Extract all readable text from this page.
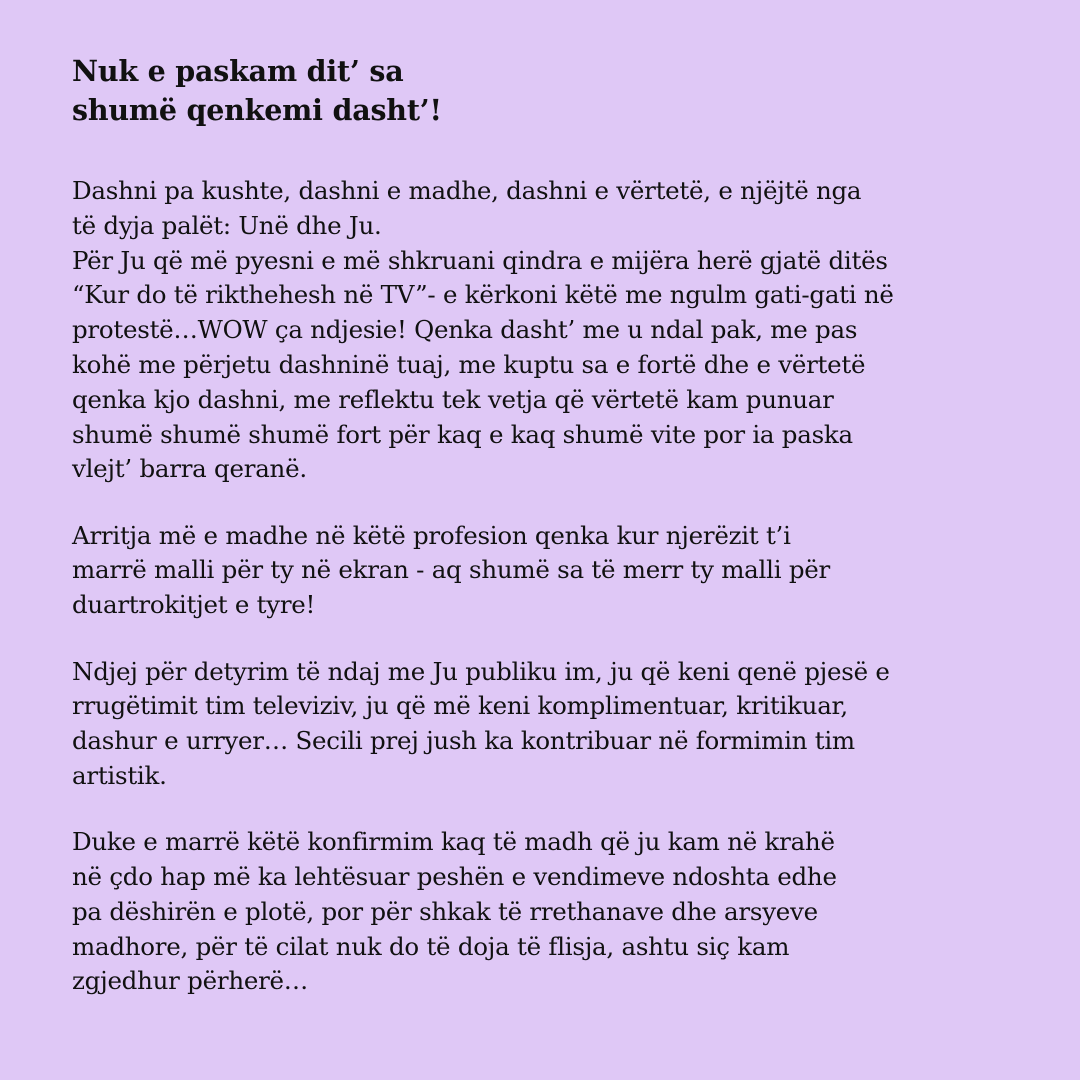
Nuk e paskam dit’ sa
shumë qenkemi dasht’!

Dashni pa kushte, dashni e madhe, dashni e vërtetë, e njëjtë nga
të dyja palët: Unë dhe Ju.
Për Ju që më pyesni e më shkruani qindra e mijëra herë gjatë ditës
“Kur do të rikthehesh në TV”- e kërkoni këtë me ngulm gati-gati në
protestë…WOW ça ndjesie! Qenka dasht’ me u ndal pak, me pas
kohë me përjetu dashninë tuaj, me kuptu sa e fortë dhe e vërtetë
qenka kjo dashni, me reflektu tek vetja që vërtetë kam punuar
shumë shumë shumë fort për kaq e kaq shumë vite por ia paska
vlejt’ barra qeranë.

Arritja më e madhe në këtë profesion qenka kur njerëzit t’i
marrë malli për ty në ekran - aq shumë sa të merr ty malli për
duartrokitjet e tyre!

Ndjej për detyrim të ndaj me Ju publiku im, ju që keni qenë pjesë e
rrugëtimit tim televiziv, ju që më keni komplimentuar, kritikuar,
dashur e urryer… Secili prej jush ka kontribuar në formimin tim
artistik.

Duke e marrë këtë konfirmim kaq të madh që ju kam në krahë
në çdo hap më ka lehtësuar peshën e vendimeve ndoshta edhe
pa dëshirën e plotë, por për shkak të rrethanave dhe arsyeve
madhore, për të cilat nuk do të doja të flisja, ashtu siç kam
zgjedhur përherë…
